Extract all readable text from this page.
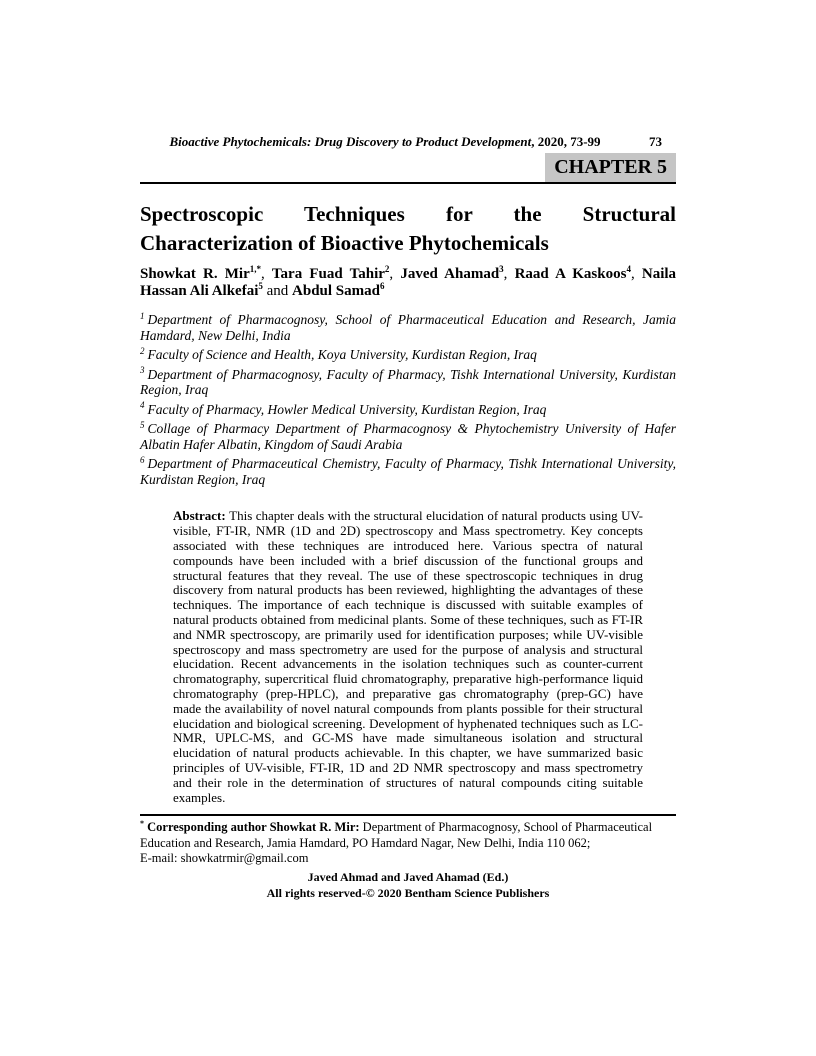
Bioactive Phytochemicals: Drug Discovery to Product Development, 2020, 73-99	73
CHAPTER 5
Spectroscopic Techniques for the Structural Characterization of Bioactive Phytochemicals

Showkat R. Mir$^{1,*}$, Tara Fuad Tahir$^2$, Javed Ahamad$^3$, Raad A Kaskoos$^4$, Naila Hassan Ali Alkefai$^5$ and Abdul Samad$^6$

$^1$ Department of Pharmacognosy, School of Pharmaceutical Education and Research, Jamia Hamdard, New Delhi, India

$^2$ Faculty of Science and Health, Koya University, Kurdistan Region, Iraq

$^3$ Department of Pharmacognosy, Faculty of Pharmacy, Tishk International University, Kurdistan Region, Iraq

$^4$ Faculty of Pharmacy, Howler Medical University, Kurdistan Region, Iraq

$^5$ Collage of Pharmacy Department of Pharmacognosy & Phytochemistry University of Hafer Albatin Hafer Albatin, Kingdom of Saudi Arabia

$^6$ Department of Pharmaceutical Chemistry, Faculty of Pharmacy, Tishk International University, Kurdistan Region, Iraq

Abstract: This chapter deals with the structural elucidation of natural products using UV-visible, FT-IR, NMR (1D and 2D) spectroscopy and Mass spectrometry. Key concepts associated with these techniques are introduced here. Various spectra of natural compounds have been included with a brief discussion of the functional groups and structural features that they reveal. The use of these spectroscopic techniques in drug discovery from natural products has been reviewed, highlighting the advantages of these techniques. The importance of each technique is discussed with suitable examples of natural products obtained from medicinal plants. Some of these techniques, such as FT-IR and NMR spectroscopy, are primarily used for identification purposes; while UV-visible spectroscopy and mass spectrometry are used for the purpose of analysis and structural elucidation. Recent advancements in the isolation techniques such as counter-current chromatography, supercritical fluid chromatography, preparative high-performance liquid chromatography (prep-HPLC), and preparative gas chromatography (prep-GC) have made the availability of novel natural compounds from plants possible for their structural elucidation and biological screening. Development of hyphenated techniques such as LC-NMR, UPLC-MS, and GC-MS have made simultaneous isolation and structural elucidation of natural products achievable. In this chapter, we have summarized basic principles of UV-visible, FT-IR, 1D and 2D NMR spectroscopy and mass spectrometry and their role in the determination of structures of natural compounds citing suitable examples.

* Corresponding author Showkat R. Mir: Department of Pharmacognosy, School of Pharmaceutical Education and Research, Jamia Hamdard, PO Hamdard Nagar, New Delhi, India 110 062;

E-mail: showkatrmir@gmail.com

Javed Ahmad and Javed Ahamad (Ed.)

All rights reserved-© 2020 Bentham Science Publishers
